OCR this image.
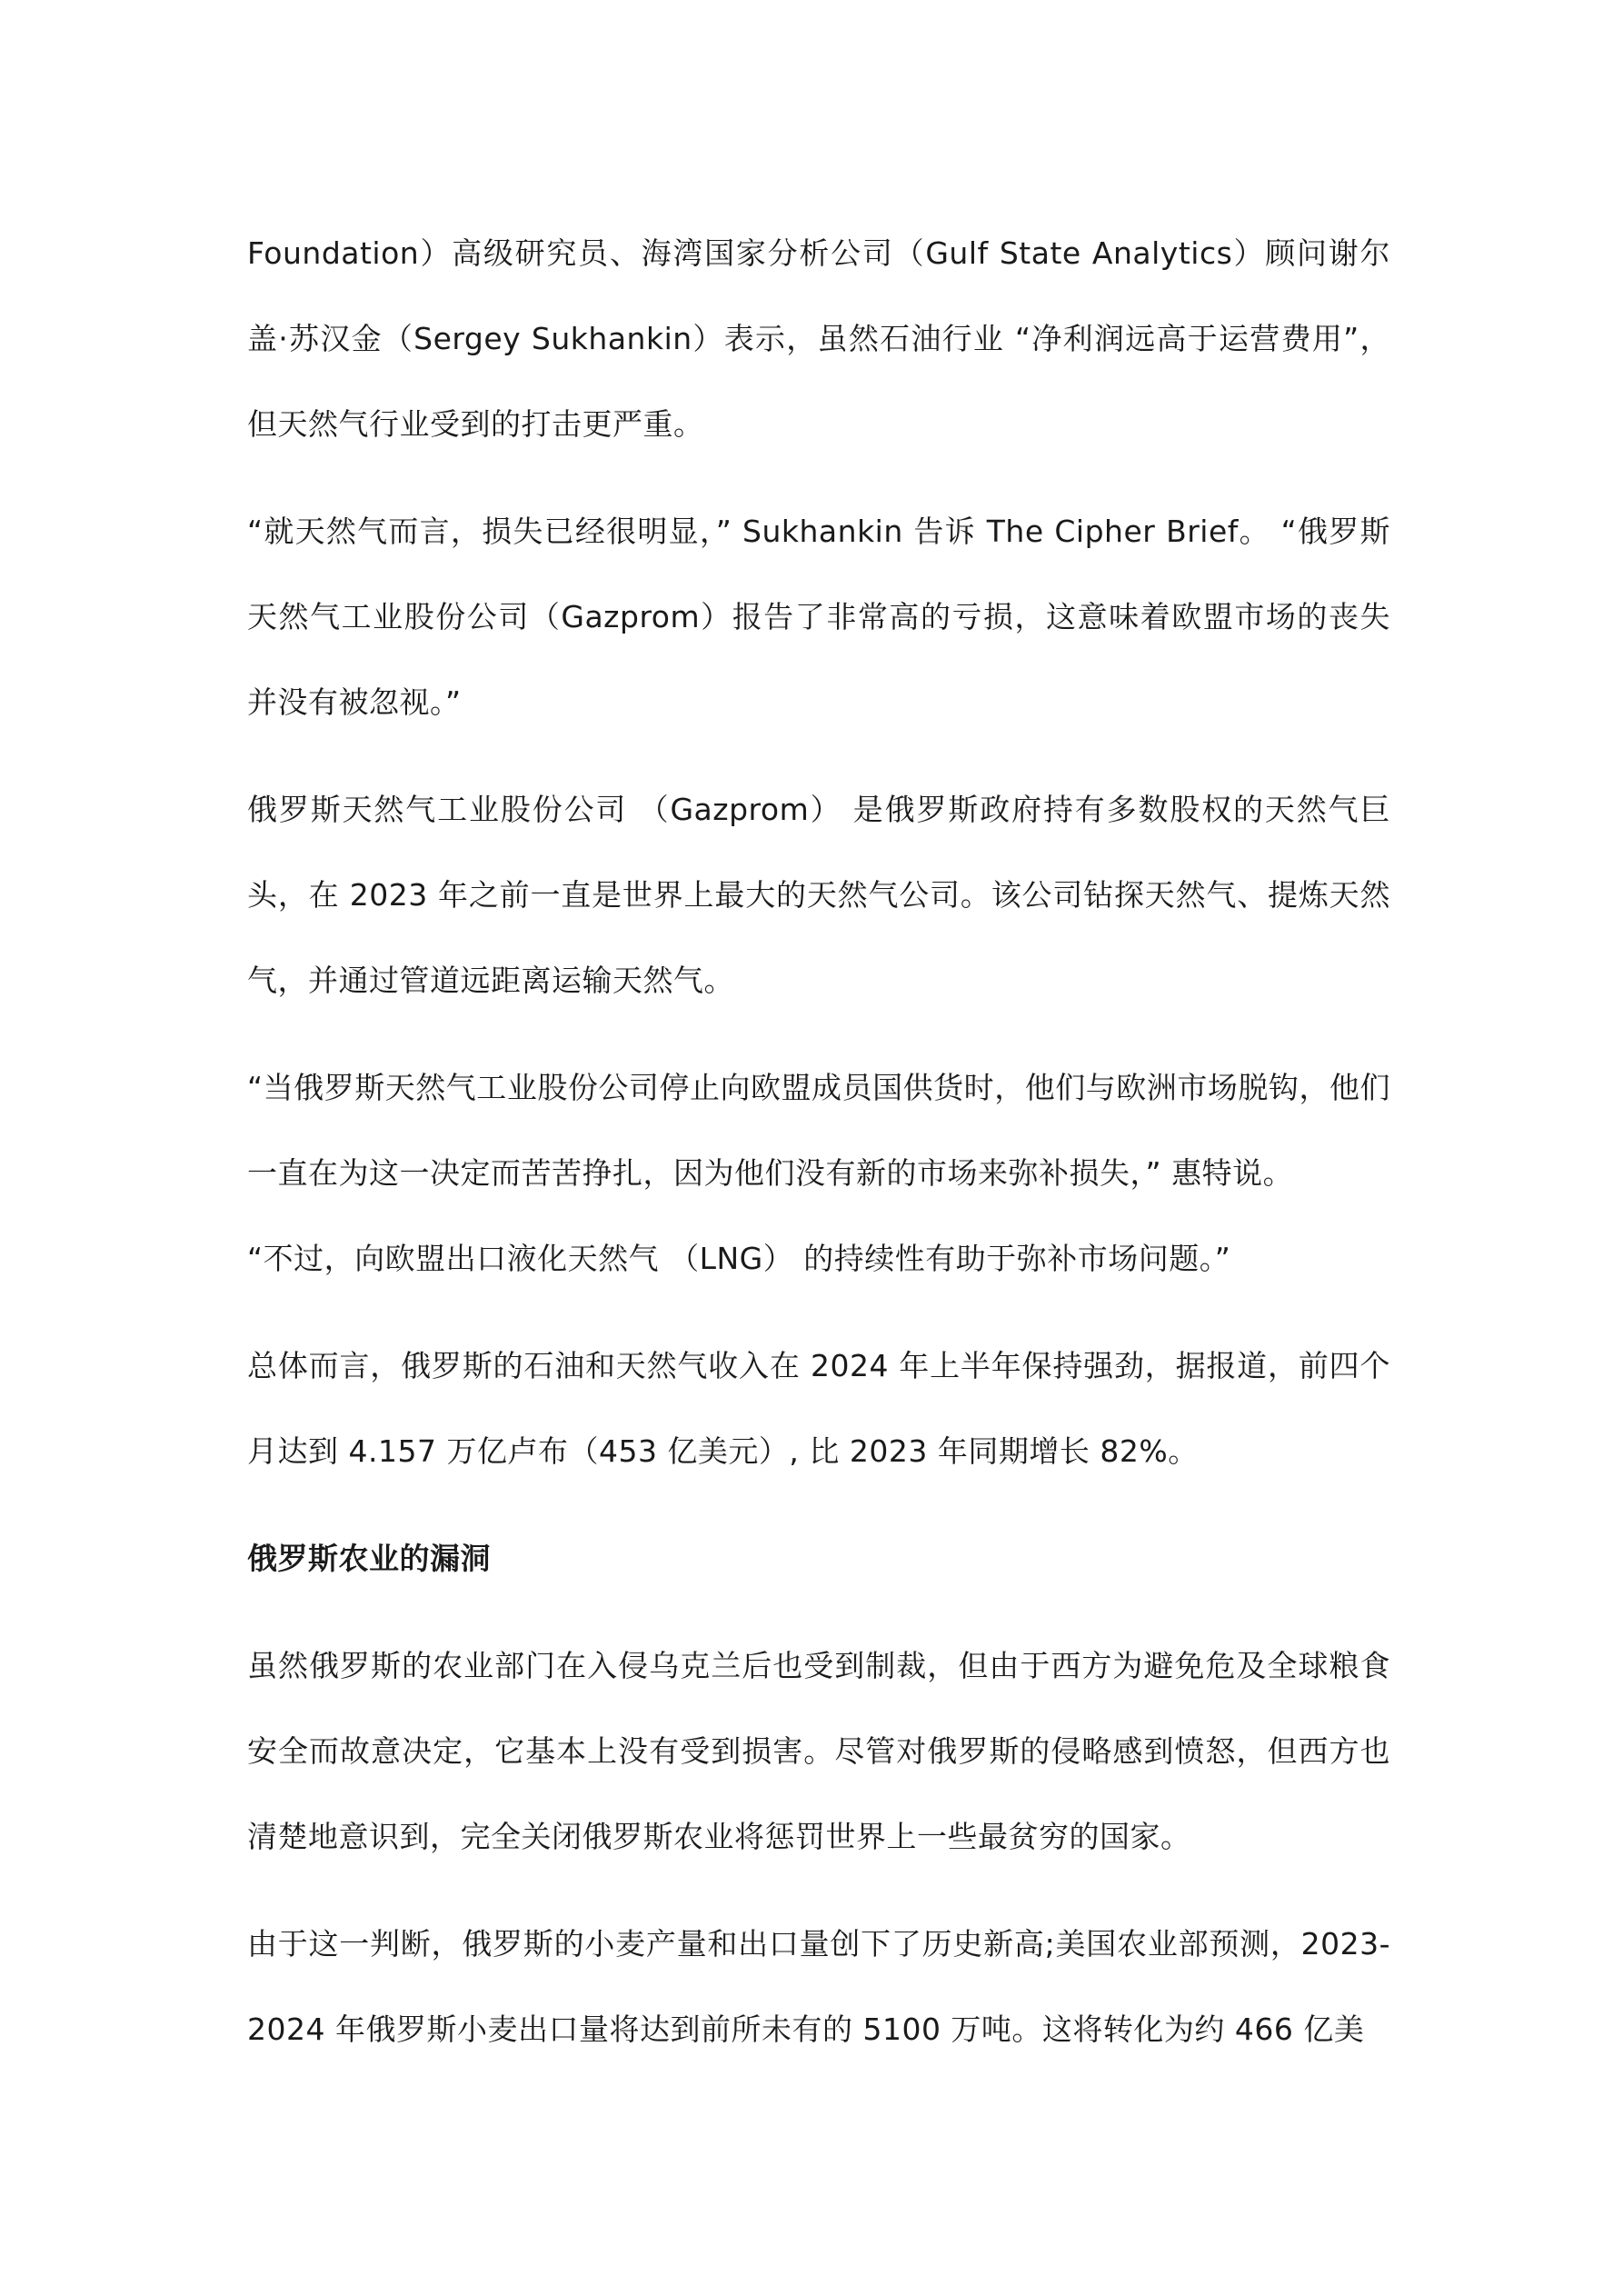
Foundation）高级研究员、海湾国家分析公司（Gulf State Analytics）顾问谢尔盖·苏汉金（Sergey Sukhankin）表示，虽然石油行业 “净利润远高于运营费用”，但天然气行业受到的打击更严重。

“就天然气而言，损失已经很明显，” Sukhankin 告诉 The Cipher Brief。 “俄罗斯天然气工业股份公司（Gazprom）报告了非常高的亏损，这意味着欧盟市场的丧失并没有被忽视。”

俄罗斯天然气工业股份公司 （Gazprom） 是俄罗斯政府持有多数股权的天然气巨头，在 2023 年之前一直是世界上最大的天然气公司。该公司钻探天然气、提炼天然气，并通过管道远距离运输天然气。

“当俄罗斯天然气工业股份公司停止向欧盟成员国供货时，他们与欧洲市场脱钩，他们一直在为这一决定而苦苦挣扎，因为他们没有新的市场来弥补损失，” 惠特说。

“不过，向欧盟出口液化天然气 （LNG） 的持续性有助于弥补市场问题。”

总体而言，俄罗斯的石油和天然气收入在 2024 年上半年保持强劲，据报道，前四个月达到 4.157 万亿卢布（453 亿美元）, 比 2023 年同期增长 82%。

俄罗斯农业的漏洞

虽然俄罗斯的农业部门在入侵乌克兰后也受到制裁，但由于西方为避免危及全球粮食安全而故意决定，它基本上没有受到损害。尽管对俄罗斯的侵略感到愤怒，但西方也清楚地意识到，完全关闭俄罗斯农业将惩罚世界上一些最贫穷的国家。

由于这一判断，俄罗斯的小麦产量和出口量创下了历史新高;美国农业部预测，2023-2024 年俄罗斯小麦出口量将达到前所未有的 5100 万吨。这将转化为约 466 亿美
